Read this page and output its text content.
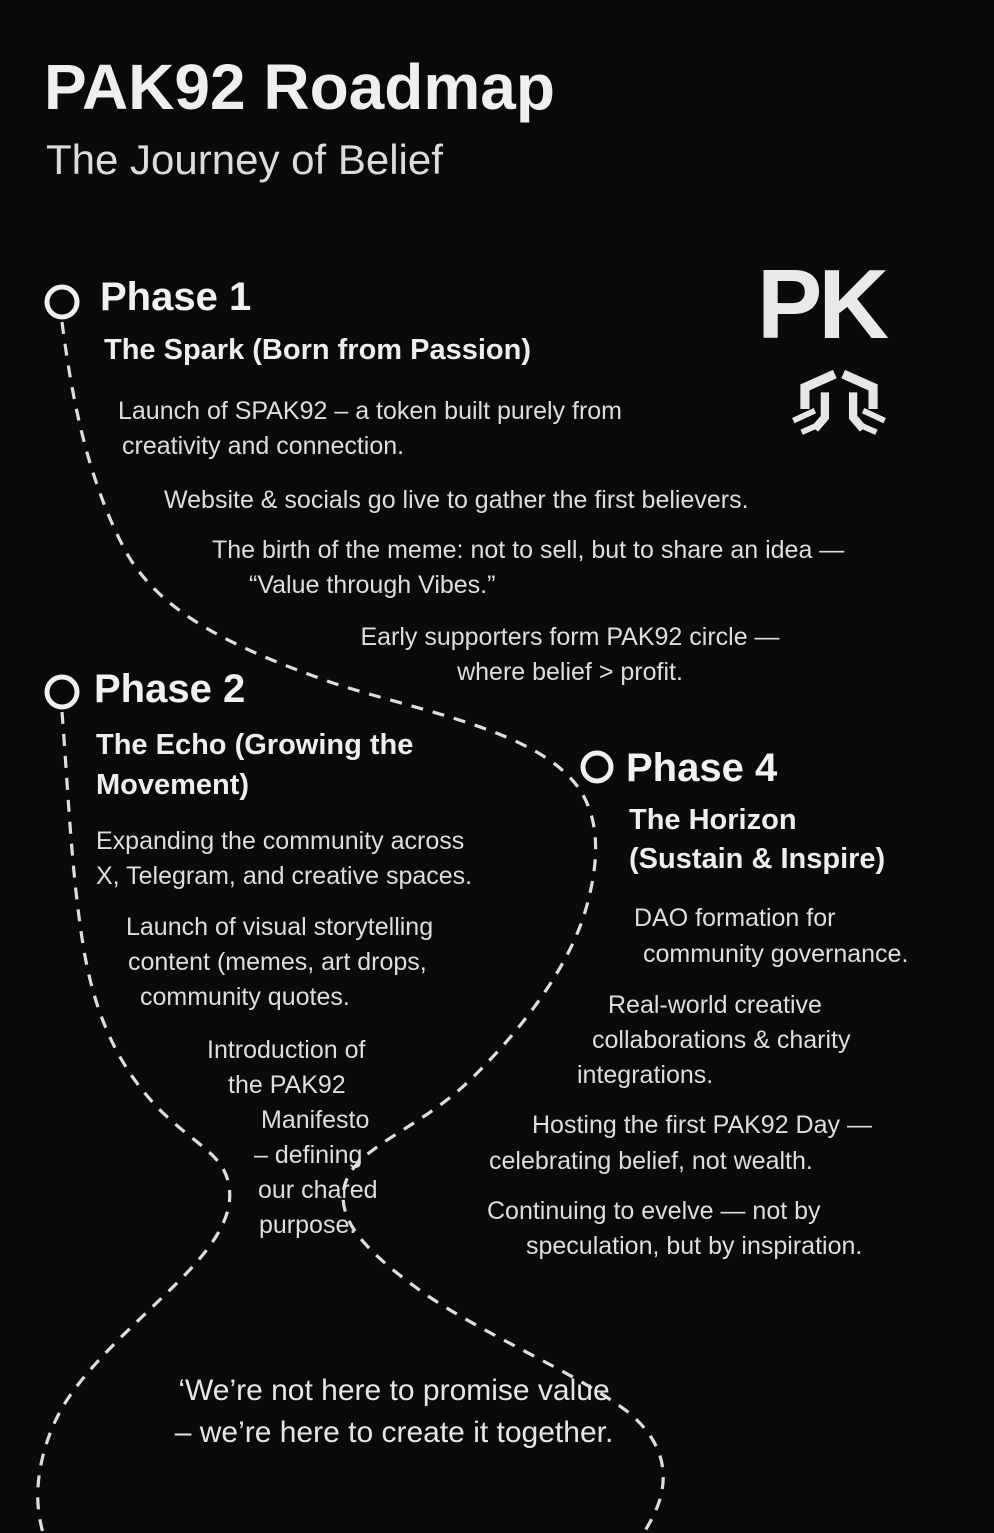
PAK92 Roadmap
The Journey of Belief
PK
Phase 1
The Spark (Born from Passion)
Launch of SPAK92 – a token built purely from
creativity and connection.
Website & socials go live to gather the first believers.
The birth of the meme: not to sell, but to share an idea —
“Value through Vibes.”
Early supporters form PAK92 circle —
where belief > profit.
Phase 2
The Echo (Growing the
Movement)
Expanding the community across
X, Telegram, and creative spaces.
Launch of visual storytelling
content (memes, art drops,
community quotes.
Introduction of
the PAK92
Manifesto
– defining
our chared
purpose.
Phase 4
The Horizon
(Sustain & Inspire)
DAO formation for
community governance.
Real-world creative
collaborations & charity
integrations.
Hosting the first PAK92 Day —
celebrating belief, not wealth.
Continuing to evelve — not by
speculation, but by inspiration.
‘We’re not here to promise value
– we’re here to create it together.
